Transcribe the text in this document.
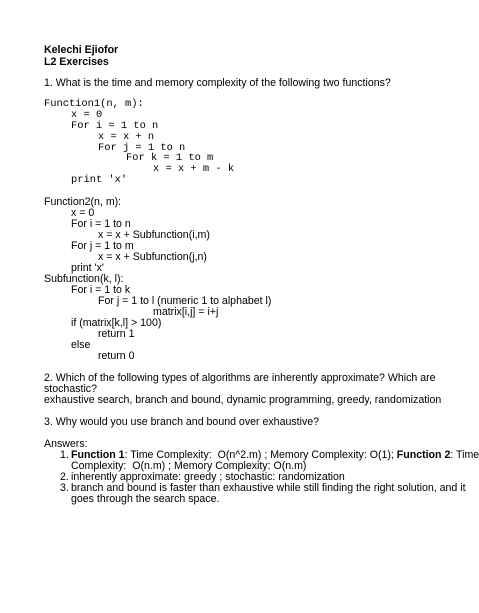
Kelechi Ejiofor
L2 Exercises
1. What is the time and memory complexity of the following two functions?
Function1(n, m):
x = 0
For i = 1 to n
x = x + n
For j = 1 to n
For k = 1 to m
x = x + m - k
print 'x'
Function2(n, m):
x = 0
For i = 1 to n
x = x + Subfunction(i,m)
For j = 1 to m
x = x + Subfunction(j,n)
print 'x'
Subfunction(k, l):
For i = 1 to k
For j = 1 to l (numeric 1 to alphabet l)
matrix[i,j] = i+j
if (matrix[k,l] > 100)
return 1
else
return 0
2. Which of the following types of algorithms are inherently approximate? Which are
stochastic?
exhaustive search, branch and bound, dynamic programming, greedy, randomization
3. Why would you use branch and bound over exhaustive?
Answers:
1. Function 1: Time Complexity:  O(n^2.m) ; Memory Complexity: O(1); Function 2: Time
Complexity:  O(n.m) ; Memory Complexity: O(n.m)
2. inherently approximate: greedy ; stochastic: randomization
3. branch and bound is faster than exhaustive while still finding the right solution, and it
goes through the search space.
